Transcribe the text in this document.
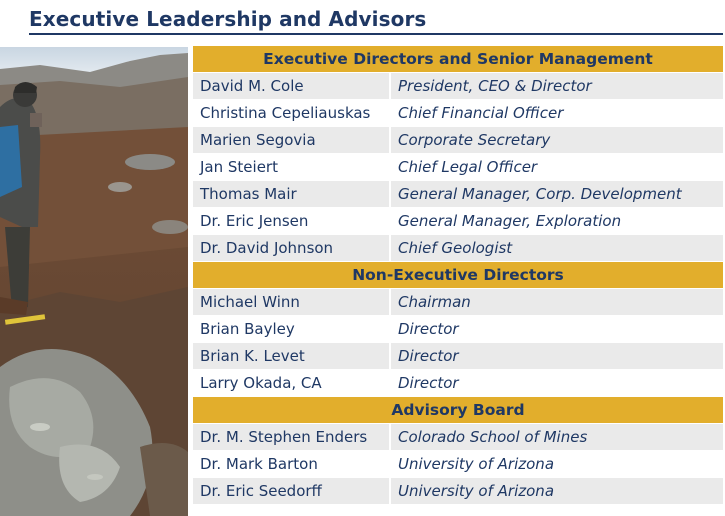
Executive Leadership and Advisors
Executive Directors and Senior Management
David M. Cole	President, CEO & Director
Christina Cepeliauskas	Chief Financial Officer
Marien Segovia	Corporate Secretary
Jan Steiert	Chief Legal Officer
Thomas Mair	General Manager, Corp. Development
Dr. Eric Jensen	General Manager, Exploration
Dr. David Johnson	Chief Geologist
Non-Executive Directors
Michael Winn	Chairman
Brian Bayley	Director
Brian K. Levet	Director
Larry Okada, CA	Director
Advisory Board
Dr. M. Stephen Enders	Colorado School of Mines
Dr. Mark Barton	University of Arizona
Dr. Eric Seedorff	University of Arizona
